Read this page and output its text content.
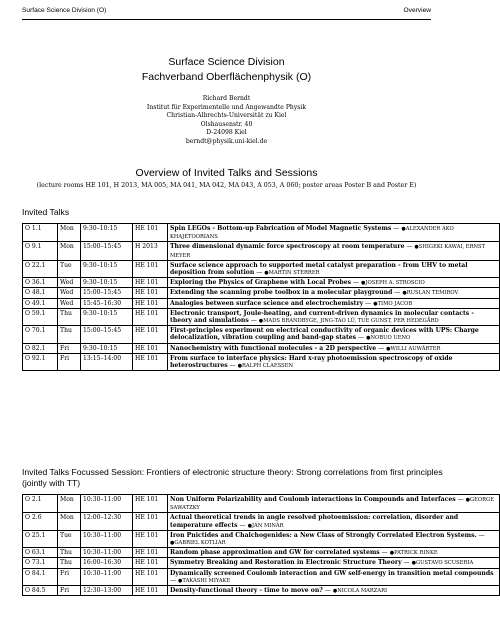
Surface Science Division (O)	Overview
Surface Science Division
Fachverband Oberflächenphysik (O)
Richard Berndt
Institut für Experimentelle und Angewandte Physik
Christian-Albrechts-Universität zu Kiel
Olshausenstr. 40
D-24098 Kiel
berndt@physik.uni-kiel.de
Overview of Invited Talks and Sessions
(lecture rooms HE 101, H 2013, MA 005, MA 041, MA 042, MA 043, A 053, A 060; poster areas Poster B and Poster E)
Invited Talks
O 1.1	Mon	9:30–10:15	HE 101	Spin LEGOs - Bottom-up Fabrication of Model Magnetic Systems — ●ALEXANDER AKO KHAJETOORIANS
O 9.1	Mon	15:00–15:45	H 2013	Three dimensional dynamic force spectroscopy at room temperature — ●SHIGEKI KAWAI, ERNST MEYER
O 22.1	Tue	9:30–10:15	HE 101	Surface science approach to supported metal catalyst preparation - from UHV to metal deposition from solution — ●MARTIN STERRER
O 36.1	Wed	9:30–10:15	HE 101	Exploring the Physics of Graphene with Local Probes — ●JOSEPH A. STROSCIO
O 48.1	Wed	15:00–15:45	HE 101	Extending the scanning probe toolbox in a molecular playground — ●RUSLAN TEMIROV
O 49.1	Wed	15:45–16:30	HE 101	Analogies between surface science and electrochemistry — ●TIMO JACOB
O 59.1	Thu	9:30–10:15	HE 101	Electronic transport, Joule-heating, and current-driven dynamics in molecular contacts - theory and simulations — ●MADS BRANDBYGE, JING-TAO LÜ, TUE GUNST, PER HEDEGÅRD
O 70.1	Thu	15:00–15:45	HE 101	First-principles experiment on electrical conductivity of organic devices with UPS: Charge delocalization, vibration coupling and band-gap states — ●NOBUO UENO
O 82.1	Fri	9:30–10:15	HE 101	Nanochemistry with functional molecules - a 2D perspective — ●WILLI AUWÄRTER
O 92.1	Fri	13:15–14:00	HE 101	From surface to interface physics: Hard x-ray photoemission spectroscopy of oxide heterostructures — ●RALPH CLAESSEN
Invited Talks Focussed Session: Frontiers of electronic structure theory: Strong correlations from first principles (jointly with TT)
O 2.1	Mon	10:30–11:00	HE 101	Non Uniform Polarizability and Coulomb interactions in Compounds and Interfaces — ●GEORGE SAWATZKY
O 2.6	Mon	12:00–12:30	HE 101	Actual theoretical trends in angle resolved photoemission: correlation, disorder and temperature effects — ●JÁN MINÁR
O 25.1	Tue	10:30–11:00	HE 101	Iron Pnictides and Chalchogenides: a New Class of Strongly Correlated Electron Systems. — ●GABRIEL KOTLIAR
O 63.1	Thu	10:30–11:00	HE 101	Random phase approximation and GW for correlated systems — ●PATRICK RINKE
O 73.1	Thu	16:00–16:30	HE 101	Symmetry Breaking and Restoration in Electronic Structure Theory — ●GUSTAVO SCUSERIA
O 84.1	Fri	10:30–11:00	HE 101	Dynamically screened Coulomb interaction and GW self-energy in transition metal compounds — ●TAKASHI MIYAKE
O 84.5	Fri	12:30–13:00	HE 101	Density-functional theory - time to move on? — ●NICOLA MARZARI
